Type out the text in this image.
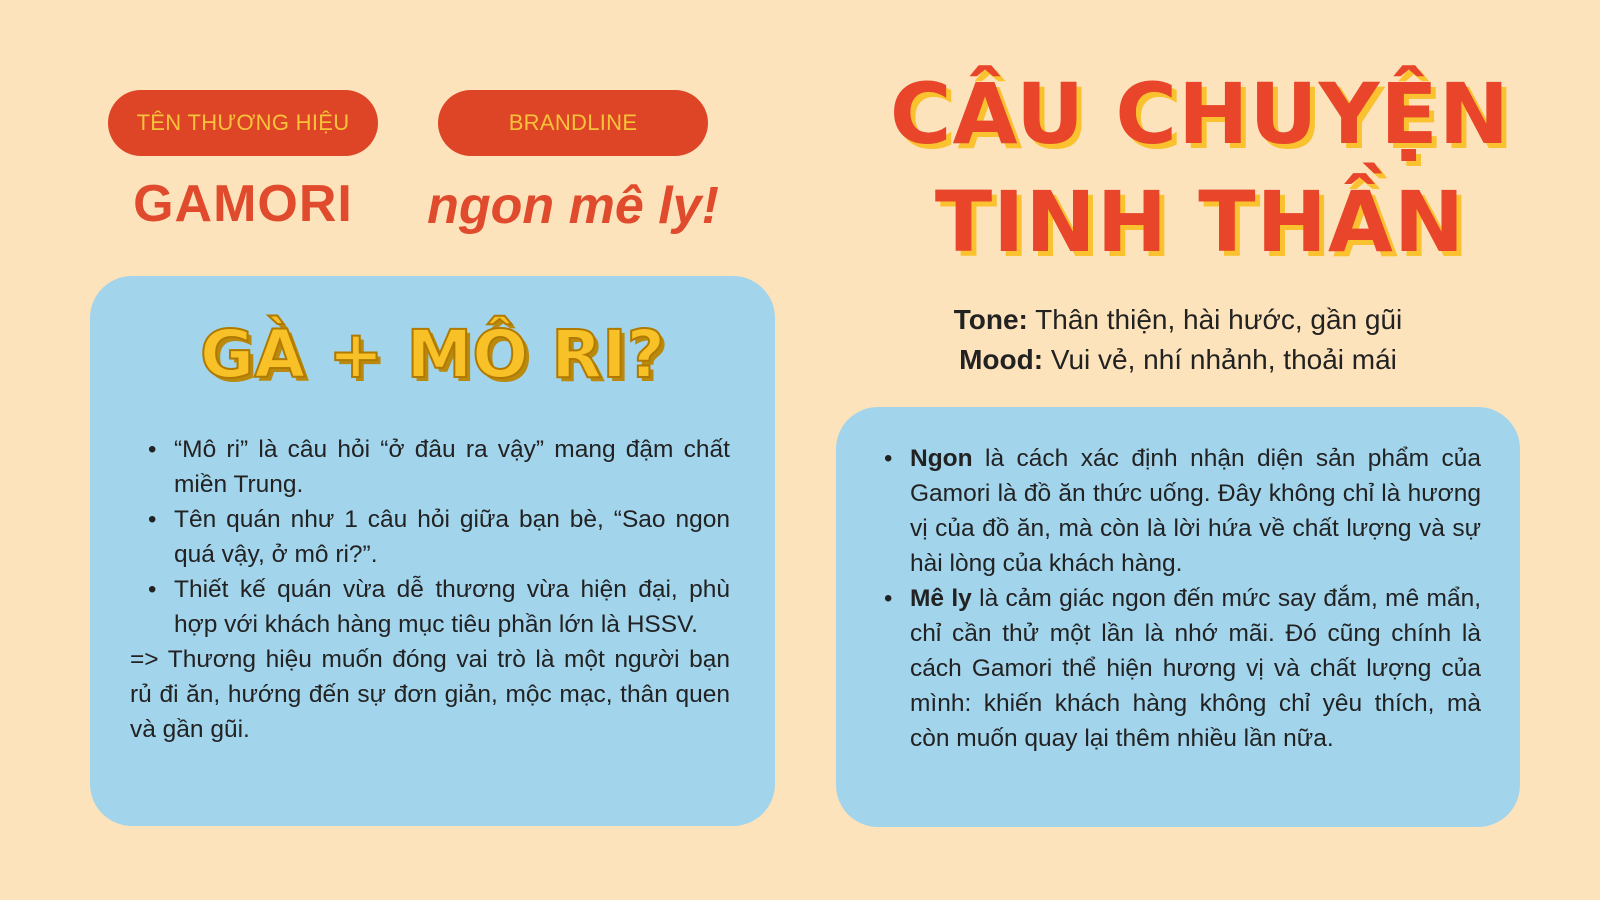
TÊN THƯƠNG HIỆU	BRANDLINE
GAMORI	ngon mê ly!
CÂU CHUYỆN
TINH THẦN
Tone: Thân thiện, hài hước, gần gũi
Mood: Vui vẻ, nhí nhảnh, thoải mái
GÀ + MÔ RI?
• “Mô ri” là câu hỏi “ở đâu ra vậy” mang đậm chất miền Trung.
• Tên quán như 1 câu hỏi giữa bạn bè, “Sao ngon quá vậy, ở mô ri?”.
• Thiết kế quán vừa dễ thương vừa hiện đại, phù hợp với khách hàng mục tiêu phần lớn là HSSV.
=> Thương hiệu muốn đóng vai trò là một người bạn rủ đi ăn, hướng đến sự đơn giản, mộc mạc, thân quen và gần gũi.
• Ngon là cách xác định nhận diện sản phẩm của Gamori là đồ ăn thức uống. Đây không chỉ là hương vị của đồ ăn, mà còn là lời hứa về chất lượng và sự hài lòng của khách hàng.
• Mê ly là cảm giác ngon đến mức say đắm, mê mẩn, chỉ cần thử một lần là nhớ mãi. Đó cũng chính là cách Gamori thể hiện hương vị và chất lượng của mình: khiến khách hàng không chỉ yêu thích, mà còn muốn quay lại thêm nhiều lần nữa.
